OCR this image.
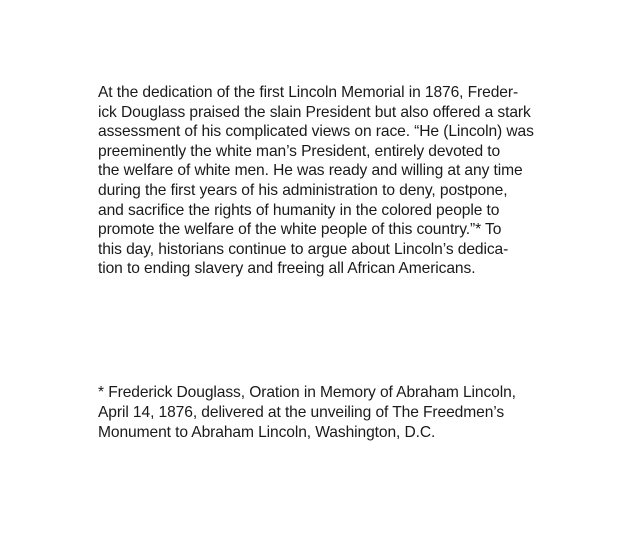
At the dedication of the first Lincoln Memorial in 1876, Freder-
ick Douglass praised the slain President but also offered a stark
assessment of his complicated views on race. “He (Lincoln) was
preeminently the white man’s President, entirely devoted to
the welfare of white men. He was ready and willing at any time
during the first years of his administration to deny, postpone,
and sacrifice the rights of humanity in the colored people to
promote the welfare of the white people of this country.”* To
this day, historians continue to argue about Lincoln’s dedica-
tion to ending slavery and freeing all African Americans.
* Frederick Douglass, Oration in Memory of Abraham Lincoln,
April 14, 1876, delivered at the unveiling of The Freedmen’s
Monument to Abraham Lincoln, Washington, D.C.
